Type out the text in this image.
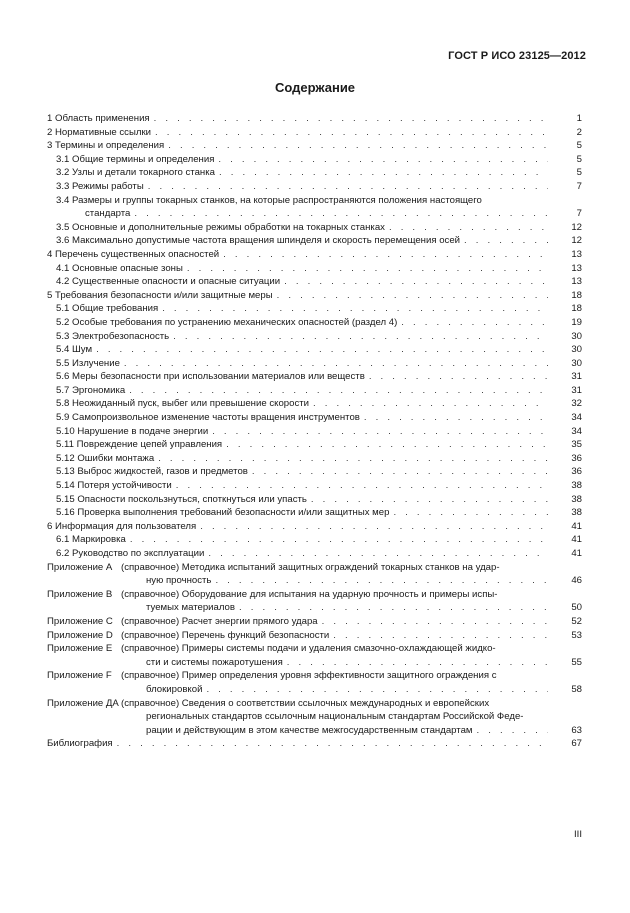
ГОСТ Р ИСО 23125—2012
Содержание
1 Область применения . . .	1
2 Нормативные ссылки . . .	2
3 Термины и определения . . .	5
3.1 Общие термины и определения . . .	5
3.2 Узлы и детали токарного станка . . .	5
3.3 Режимы работы . . .	7
3.4 Размеры и группы токарных станков, на которые распространяются положения настоящего
стандарта . . .	7
3.5 Основные и дополнительные режимы обработки на токарных станках . . .	12
3.6 Максимально допустимые частота вращения шпинделя и скорость перемещения осей . . .	12
4 Перечень существенных опасностей . . .	13
4.1 Основные опасные зоны . . .	13
4.2 Существенные опасности и опасные ситуации . . .	13
5 Требования безопасности и/или защитные меры . . .	18
5.1 Общие требования . . .	18
5.2 Особые требования по устранению механических опасностей (раздел 4) . . .	19
5.3 Электробезопасность . . .	30
5.4 Шум . . .	30
5.5 Излучение . . .	30
5.6 Меры безопасности при использовании материалов или веществ . . .	31
5.7 Эргономика . . .	31
5.8 Неожиданный пуск, выбег или превышение скорости . . .	32
5.9 Самопроизвольное изменение частоты вращения инструментов . . .	34
5.10 Нарушение в подаче энергии . . .	34
5.11 Повреждение цепей управления . . .	35
5.12 Ошибки монтажа . . .	36
5.13 Выброс жидкостей, газов и предметов . . .	36
5.14 Потеря устойчивости . . .	38
5.15 Опасности поскользнуться, споткнуться или упасть . . .	38
5.16 Проверка выполнения требований безопасности и/или защитных мер . . .	38
6 Информация для пользователя . . .	41
6.1 Маркировка . . .	41
6.2 Руководство по эксплуатации . . .	41
Приложение А (справочное) Методика испытаний защитных ограждений токарных станков на удар-
ную прочность . . .	46
Приложение В (справочное) Оборудование для испытания на ударную прочность и примеры испы-
туемых материалов . . .	50
Приложение С (справочное) Расчет энергии прямого удара . . .	52
Приложение D (справочное) Перечень функций безопасности . . .	53
Приложение Е (справочное) Примеры системы подачи и удаления смазочно-охлаждающей жидко-
сти и системы пожаротушения . . .	55
Приложение F (справочное) Пример определения уровня эффективности защитного ограждения с
блокировкой . . .	58
Приложение ДА (справочное) Сведения о соответствии ссылочных международных и европейских
региональных стандартов ссылочным национальным стандартам Российской Феде-
рации и действующим в этом качестве межгосударственным стандартам . . .	63
Библиография . . .	67
III
